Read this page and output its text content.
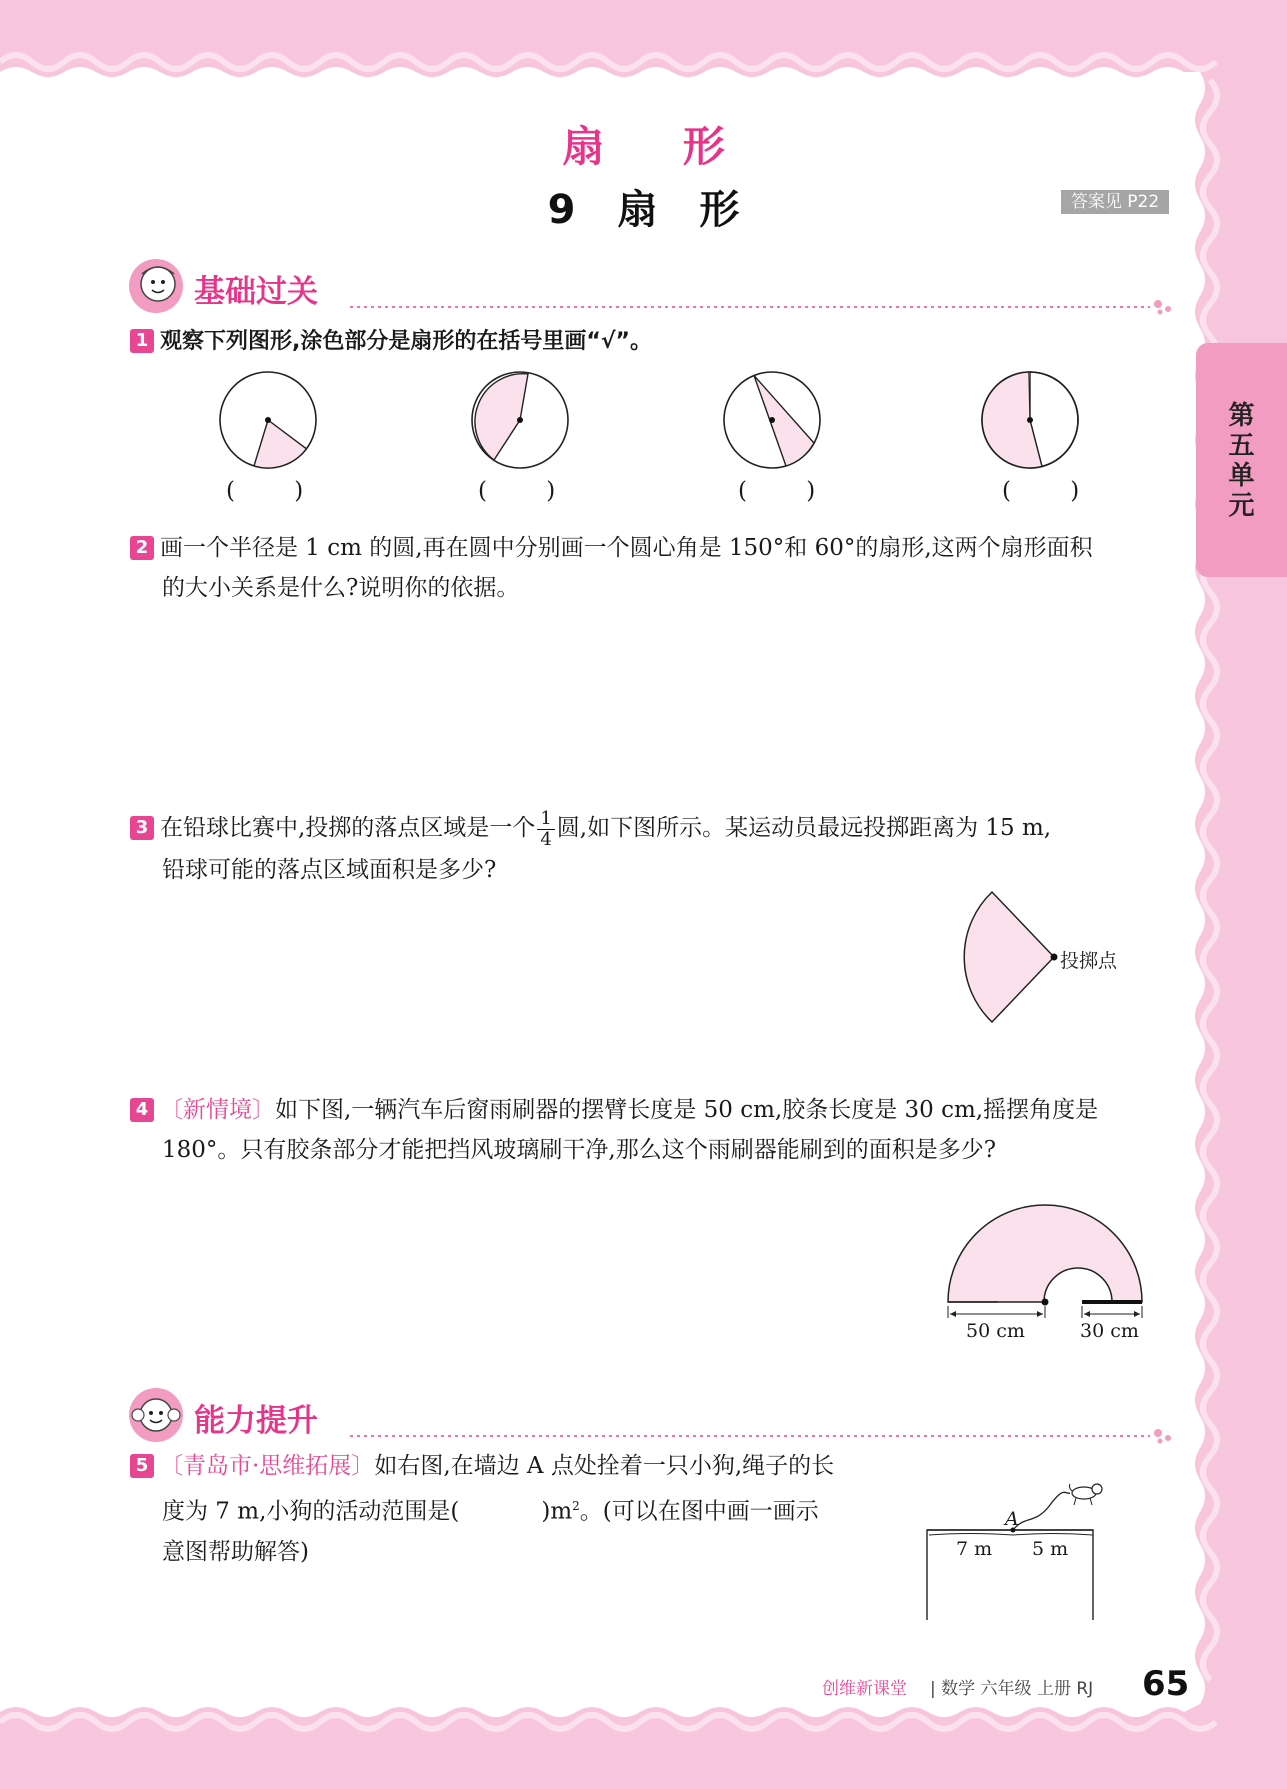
扇 形
9 扇 形	答案见 P22
第五单元
基础过关
1 观察下列图形,涂色部分是扇形的在括号里画“√”。
( )	( )	( )	( )
2 画一个半径是 1 cm 的圆,再在圆中分别画一个圆心角是 150°和 60°的扇形,这两个扇形面积
的大小关系是什么?说明你的依据。
3 在铅球比赛中,投掷的落点区域是一个 $\frac{1}{4}$ 圆,如下图所示。某运动员最远投掷距离为 15 m,
铅球可能的落点区域面积是多少?
投掷点
4 〔新情境〕如下图,一辆汽车后窗雨刷器的摆臂长度是 50 cm,胶条长度是 30 cm,摇摆角度是
180°。只有胶条部分才能把挡风玻璃刷干净,那么这个雨刷器能刷到的面积是多少?
50 cm	30 cm
能力提升
5 〔青岛市·思维拓展〕如右图,在墙边 A 点处拴着一只小狗,绳子的长
度为 7 m,小狗的活动范围是(	)$m^2$。(可以在图中画一画示
意图帮助解答)
A
7 m 5 m
创维新课堂 | 数学 六年级 上册 RJ 65
